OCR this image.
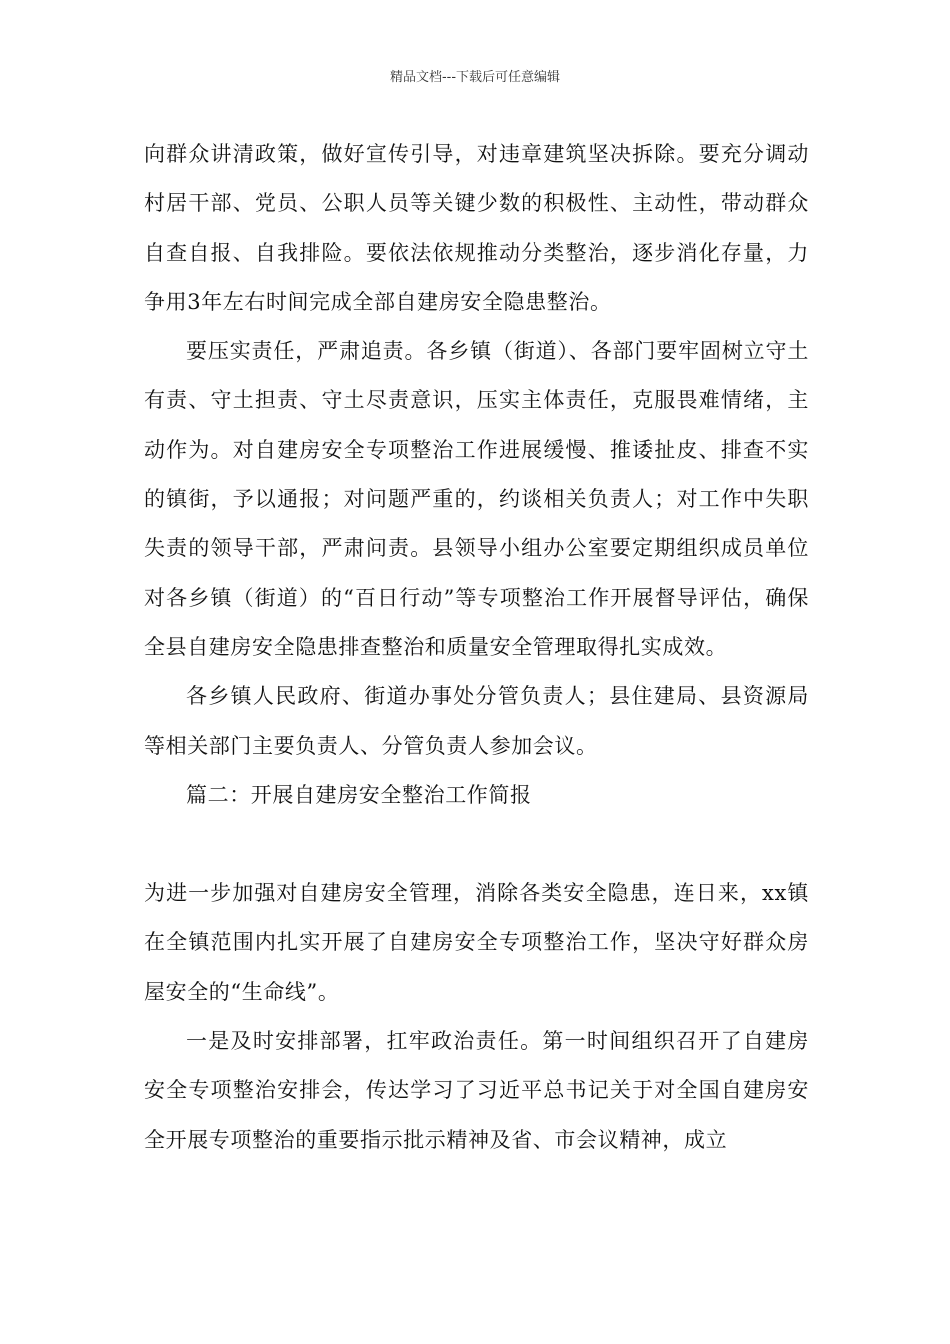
精品文档---下载后可任意编辑

向群众讲清政策，做好宣传引导，对违章建筑坚决拆除。要充分调动村居干部、党员、公职人员等关键少数的积极性、主动性，带动群众自查自报、自我排险。要依法依规推动分类整治，逐步消化存量，力争用3年左右时间完成全部自建房安全隐患整治。

要压实责任，严肃追责。各乡镇（街道）、各部门要牢固树立守土有责、守土担责、守土尽责意识，压实主体责任，克服畏难情绪，主动作为。对自建房安全专项整治工作进展缓慢、推诿扯皮、排查不实的镇街，予以通报；对问题严重的，约谈相关负责人；对工作中失职失责的领导干部，严肃问责。县领导小组办公室要定期组织成员单位对各乡镇（街道）的“百日行动”等专项整治工作开展督导评估，确保全县自建房安全隐患排查整治和质量安全管理取得扎实成效。

各乡镇人民政府、街道办事处分管负责人；县住建局、县资源局等相关部门主要负责人、分管负责人参加会议。

篇二：开展自建房安全整治工作简报

为进一步加强对自建房安全管理，消除各类安全隐患，连日来，xx镇在全镇范围内扎实开展了自建房安全专项整治工作，坚决守好群众房屋安全的“生命线”。

一是及时安排部署，扛牢政治责任。第一时间组织召开了自建房安全专项整治安排会，传达学习了习近平总书记关于对全国自建房安全开展专项整治的重要指示批示精神及省、市会议精神，成立
